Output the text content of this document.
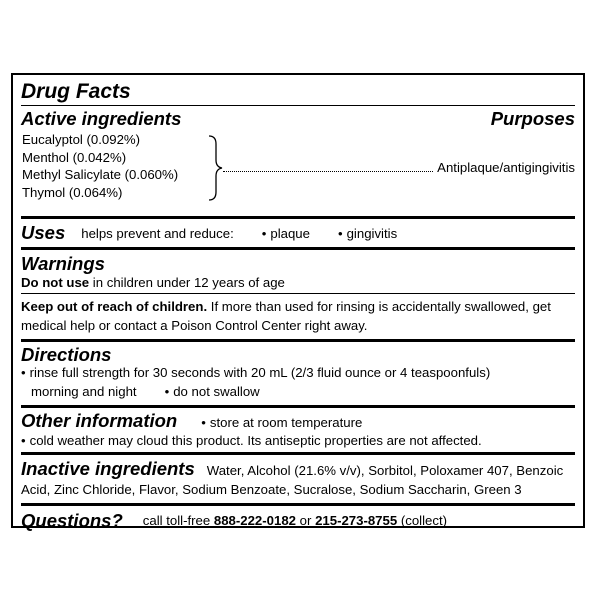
Drug Facts
Active ingredients	Purposes
Eucalyptol (0.092%)
Menthol (0.042%)
Methyl Salicylate (0.060%)
Thymol (0.064%)
Antiplaque/antigingivitis
Uses helps prevent and reduce: • plaque • gingivitis
Warnings
Do not use in children under 12 years of age
Keep out of reach of children. If more than used for rinsing is accidentally swallowed, get medical help or contact a Poison Control Center right away.
Directions
• rinse full strength for 30 seconds with 20 mL (2/3 fluid ounce or 4 teaspoonfuls)
morning and night • do not swallow
Other information • store at room temperature
• cold weather may cloud this product. Its antiseptic properties are not affected.
Inactive ingredients Water, Alcohol (21.6% v/v), Sorbitol, Poloxamer 407, Benzoic Acid, Zinc Chloride, Flavor, Sodium Benzoate, Sucralose, Sodium Saccharin, Green 3
Questions? call toll-free 888-222-0182 or 215-273-8755 (collect)
